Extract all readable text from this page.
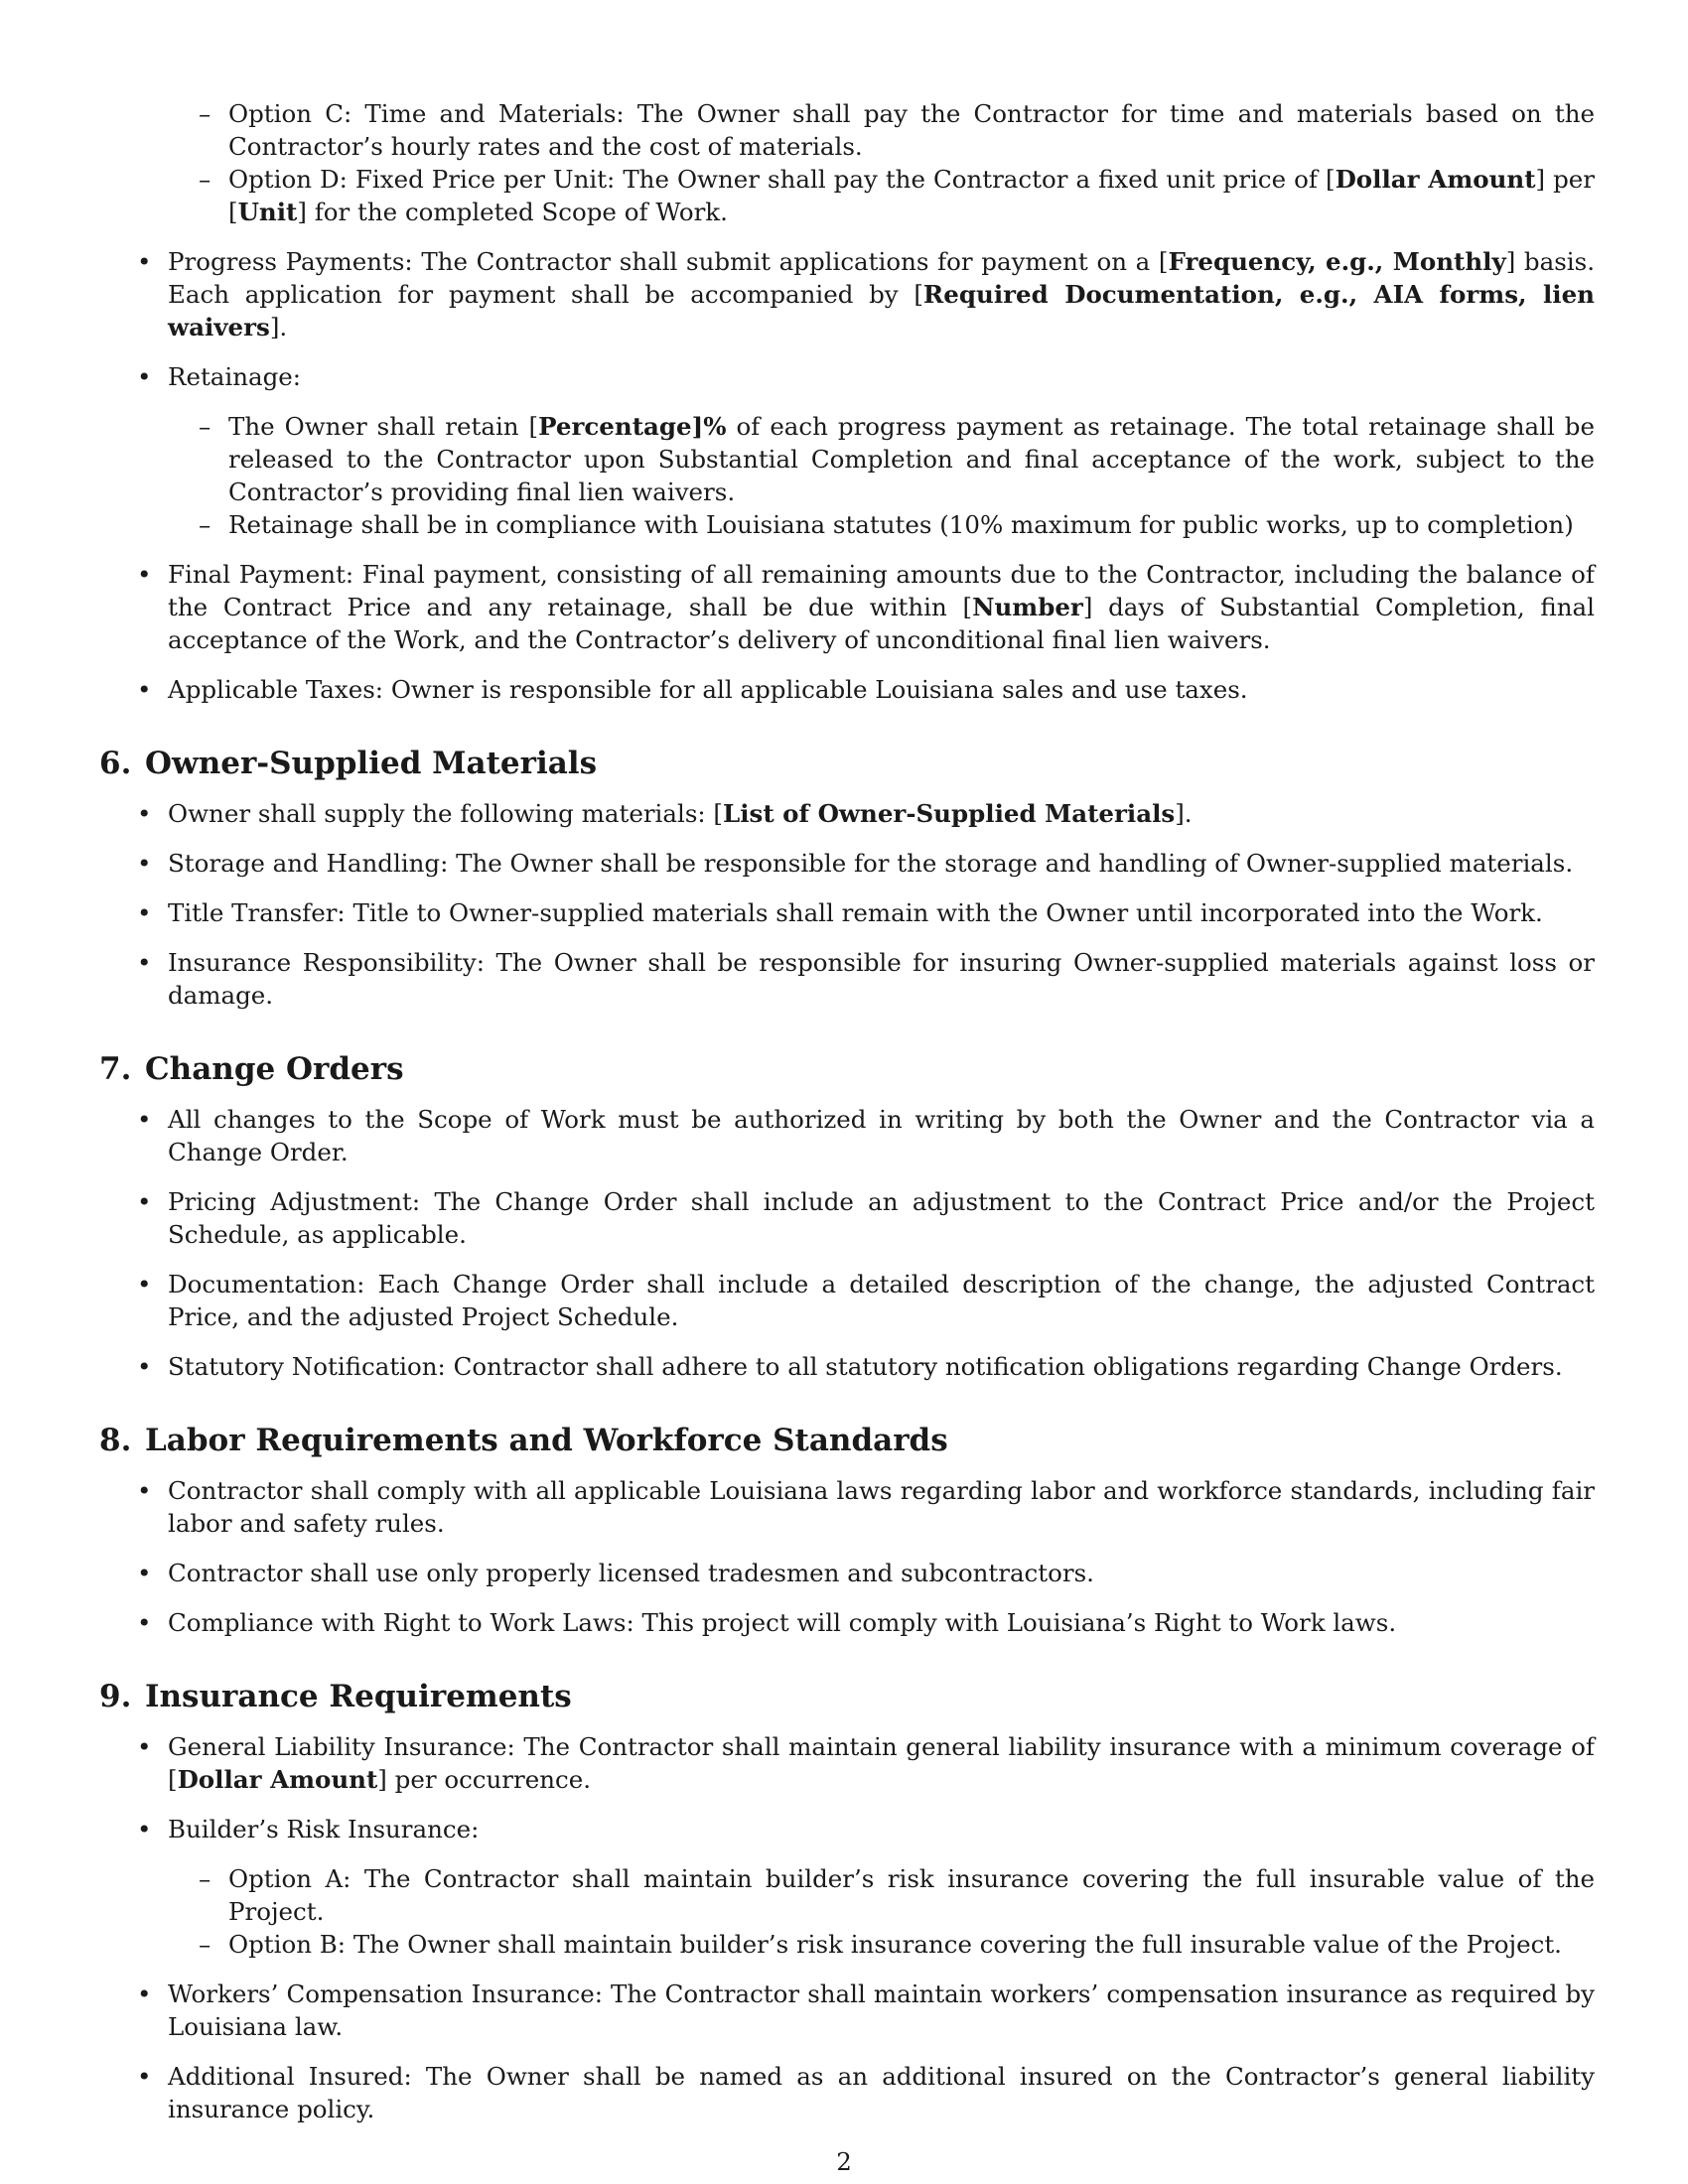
– Option C: Time and Materials: The Owner shall pay the Contractor for time and materials based on the Contractor’s hourly rates and the cost of materials.
– Option D: Fixed Price per Unit: The Owner shall pay the Contractor a fixed unit price of [Dollar Amount] per [Unit] for the completed Scope of Work.
• Progress Payments: The Contractor shall submit applications for payment on a [Frequency, e.g., Monthly] basis. Each application for payment shall be accompanied by [Required Documentation, e.g., AIA forms, lien waivers].
• Retainage:
– The Owner shall retain [Percentage]% of each progress payment as retainage. The total retainage shall be released to the Contractor upon Substantial Completion and final acceptance of the work, subject to the Contractor’s providing final lien waivers.
– Retainage shall be in compliance with Louisiana statutes (10% maximum for public works, up to completion)
• Final Payment: Final payment, consisting of all remaining amounts due to the Contractor, including the balance of the Contract Price and any retainage, shall be due within [Number] days of Substantial Completion, final acceptance of the Work, and the Contractor’s delivery of unconditional final lien waivers.
• Applicable Taxes: Owner is responsible for all applicable Louisiana sales and use taxes.
6. Owner-Supplied Materials
• Owner shall supply the following materials: [List of Owner-Supplied Materials].
• Storage and Handling: The Owner shall be responsible for the storage and handling of Owner-supplied materials.
• Title Transfer: Title to Owner-supplied materials shall remain with the Owner until incorporated into the Work.
• Insurance Responsibility: The Owner shall be responsible for insuring Owner-supplied materials against loss or damage.
7. Change Orders
• All changes to the Scope of Work must be authorized in writing by both the Owner and the Contractor via a Change Order.
• Pricing Adjustment: The Change Order shall include an adjustment to the Contract Price and/or the Project Schedule, as applicable.
• Documentation: Each Change Order shall include a detailed description of the change, the adjusted Contract Price, and the adjusted Project Schedule.
• Statutory Notification: Contractor shall adhere to all statutory notification obligations regarding Change Orders.
8. Labor Requirements and Workforce Standards
• Contractor shall comply with all applicable Louisiana laws regarding labor and workforce standards, including fair labor and safety rules.
• Contractor shall use only properly licensed tradesmen and subcontractors.
• Compliance with Right to Work Laws: This project will comply with Louisiana’s Right to Work laws.
9. Insurance Requirements
• General Liability Insurance: The Contractor shall maintain general liability insurance with a minimum coverage of [Dollar Amount] per occurrence.
• Builder’s Risk Insurance:
– Option A: The Contractor shall maintain builder’s risk insurance covering the full insurable value of the Project.
– Option B: The Owner shall maintain builder’s risk insurance covering the full insurable value of the Project.
• Workers’ Compensation Insurance: The Contractor shall maintain workers’ compensation insurance as required by Louisiana law.
• Additional Insured: The Owner shall be named as an additional insured on the Contractor’s general liability insurance policy.
2
